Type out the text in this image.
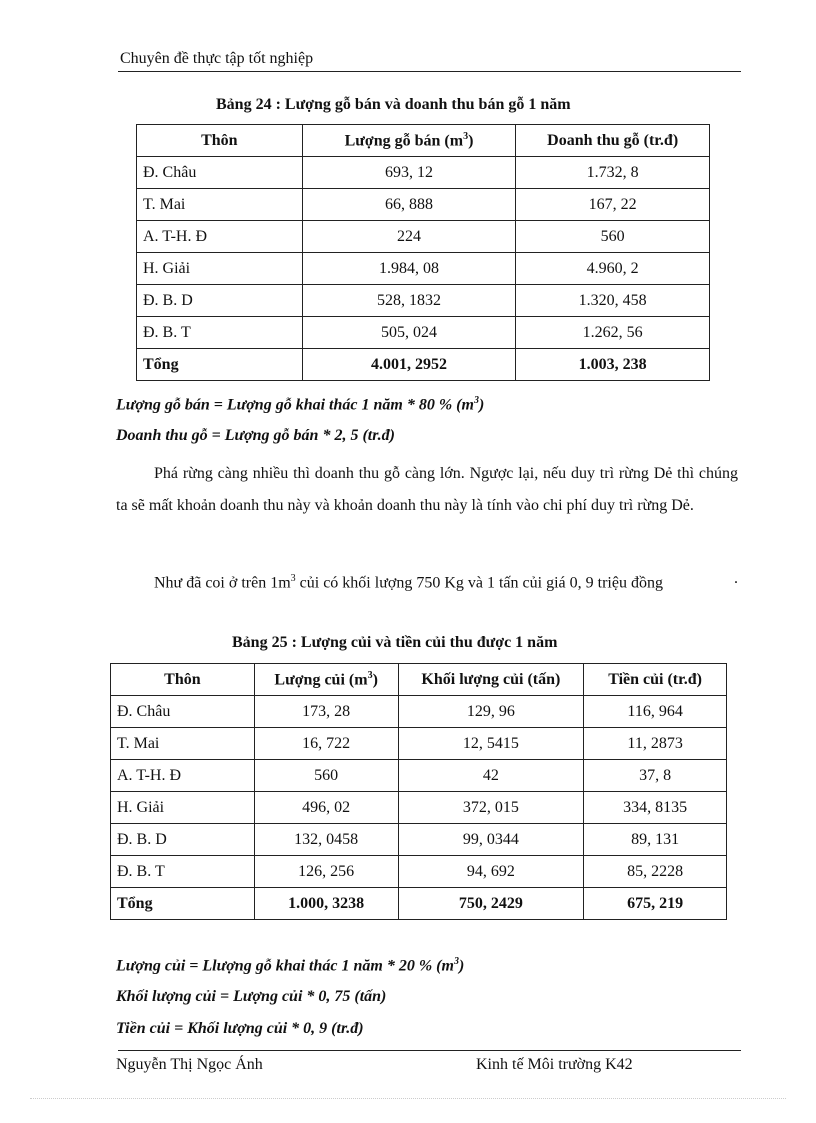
Chuyên đề thực tập tốt nghiệp
Bảng 24 : Lượng gỗ bán và doanh thu bán gỗ 1 năm
Thôn	Lượng gỗ bán $(m^3)$	Doanh thu gỗ (tr.đ)
Đ. Châu	693, 12	1.732, 8
T. Mai	66, 888	167, 22
A. T-H. Đ	224	560
H. Giải	1.984, 08	4.960, 2
Đ. B. D	528, 1832	1.320, 458
Đ. B. T	505, 024	1.262, 56
Tổng	4.001, 2952	1.003, 238
Lượng gỗ bán = Lượng gỗ khai thác 1 năm * 80 % $(m^3)$
Doanh thu gỗ = Lượng gỗ bán * 2, 5 (tr.đ)
Phá rừng càng nhiều thì doanh thu gỗ càng lớn. Ngược lại, nếu duy trì rừng Dẻ thì chúng ta sẽ mất khoản doanh thu này và khoản doanh thu này là tính vào chi phí duy trì rừng Dẻ.
Như đã coi ở trên $1m^3$ củi có khối lượng 750 Kg và 1 tấn củi giá 0, 9 triệu đồng	.
Bảng 25 : Lượng củi và tiền củi thu được 1 năm
Thôn	Lượng củi $(m^3)$	Khối lượng củi (tấn)	Tiền củi (tr.đ)
Đ. Châu	173, 28	129, 96	116, 964
T. Mai	16, 722	12, 5415	11, 2873
A. T-H. Đ	560	42	37, 8
H. Giải	496, 02	372, 015	334, 8135
Đ. B. D	132, 0458	99, 0344	89, 131
Đ. B. T	126, 256	94, 692	85, 2228
Tổng	1.000, 3238	750, 2429	675, 219
Lượng củi = Llượng gỗ khai thác 1 năm * 20 % $(m^3)$
Khối lượng củi = Lượng củi * 0, 75 (tấn)
Tiền củi = Khối lượng củi * 0, 9 (tr.đ)
Nguyễn Thị Ngọc Ánh	Kinh tế Môi trường K42
